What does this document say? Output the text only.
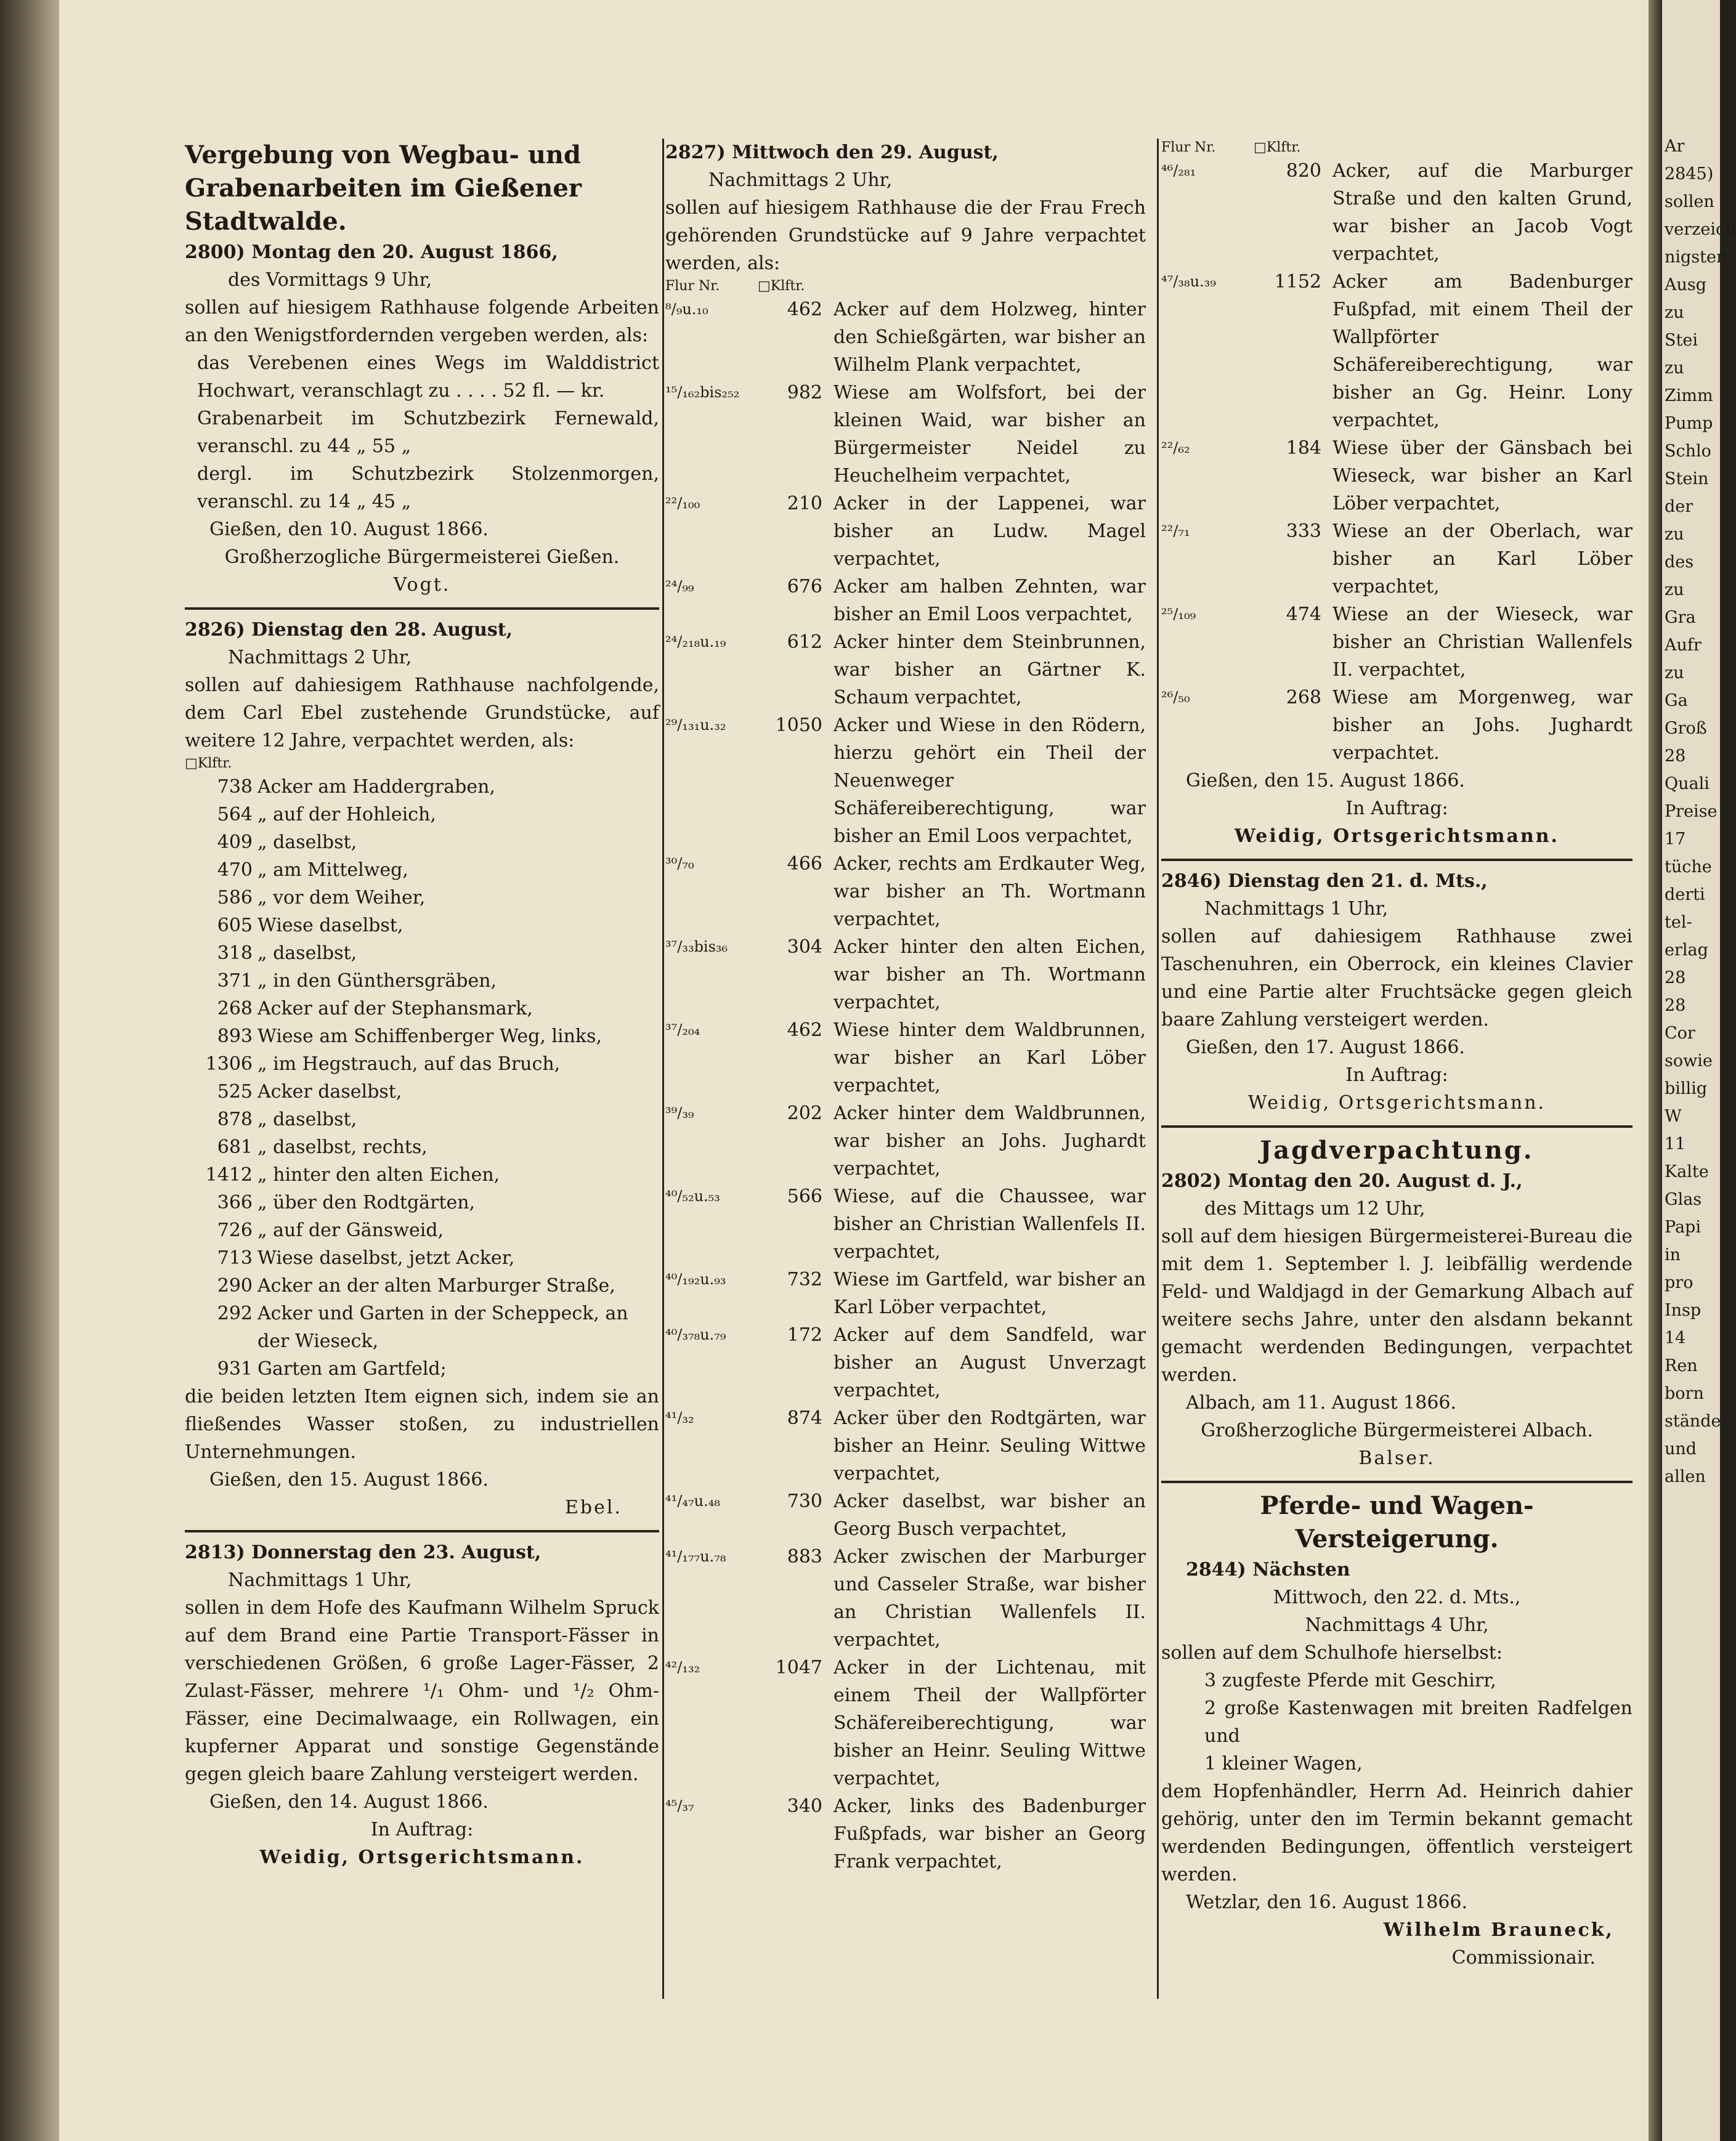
Ar
2845)
sollen
verzeich
nigsten
Ausg
zu
Stei
zu
Zimm
Pump
Schlo
Stein
der
zu
des
zu
Gra
Aufr
zu
Ga
Groß
28
Quali
Preise
17
tüche
derti
tel-
erlag
28
28
Cor
sowie
billig
W
11
Kalte
Glas
Papi
in
pro
Insp
14
Ren
born
stände
und
allen

Vergebung von Wegbau- und Grabenarbeiten im Gießener Stadtwalde.

2800) Montag den 20. August 1866,

des Vormittags 9 Uhr,

sollen auf hiesigem Rathhause folgende Arbeiten an den Wenigstfordernden vergeben werden, als:

das Verebenen eines Wegs im Walddistrict Hochwart, veranschlagt zu . . . . 52 fl. — kr.

Grabenarbeit im Schutzbezirk Fernewald, veranschl. zu 44 „ 55 „

dergl. im Schutzbezirk Stolzenmorgen, veranschl. zu 14 „ 45 „

Gießen, den 10. August 1866.

Großherzogliche Bürgermeisterei Gießen.

Vogt.

2826) Dienstag den 28. August,

Nachmittags 2 Uhr,

sollen auf dahiesigem Rathhause nachfolgende, dem Carl Ebel zustehende Grundstücke, auf weitere 12 Jahre, verpachtet werden, als:

□Klftr.	
738	Acker am Haddergraben,
564	„ auf der Hohleich,
409	„ daselbst,
470	„ am Mittelweg,
586	„ vor dem Weiher,
605	Wiese daselbst,
318	„ daselbst,
371	„ in den Günthersgräben,
268	Acker auf der Stephansmark,
893	Wiese am Schiffenberger Weg, links,
1306	„ im Hegstrauch, auf das Bruch,
525	Acker daselbst,
878	„ daselbst,
681	„ daselbst, rechts,
1412	„ hinter den alten Eichen,
366	„ über den Rodtgärten,
726	„ auf der Gänsweid,
713	Wiese daselbst, jetzt Acker,
290	Acker an der alten Marburger Straße,
292	Acker und Garten in der Scheppeck, an der Wieseck,
931	Garten am Gartfeld;

die beiden letzten Item eignen sich, indem sie an fließendes Wasser stoßen, zu industriellen Unternehmungen.

Gießen, den 15. August 1866.

Ebel.

2813) Donnerstag den 23. August,

Nachmittags 1 Uhr,

sollen in dem Hofe des Kaufmann Wilhelm Spruck auf dem Brand eine Partie Transport-Fässer in verschiedenen Größen, 6 große Lager-Fässer, 2 Zulast-Fässer, mehrere ¹/₁ Ohm- und ¹/₂ Ohm-Fässer, eine Decimalwaage, ein Rollwagen, ein kupferner Apparat und sonstige Gegenstände gegen gleich baare Zahlung versteigert werden.

Gießen, den 14. August 1866.

In Auftrag:

Weidig, Ortsgerichtsmann.

2827) Mittwoch den 29. August,

Nachmittags 2 Uhr,

sollen auf hiesigem Rathhause die der Frau Frech gehörenden Grundstücke auf 9 Jahre verpachtet werden, als:

Flur Nr.	□Klftr.	
⁸/₉u.₁₀	462	Acker auf dem Holzweg, hinter den Schießgärten, war bisher an Wilhelm Plank verpachtet,
¹⁵/₁₆₂bis₂₅₂	982	Wiese am Wolfsfort, bei der kleinen Waid, war bisher an Bürgermeister Neidel zu Heuchelheim verpachtet,
²²/₁₀₀	210	Acker in der Lappenei, war bisher an Ludw. Magel verpachtet,
²⁴/₉₉	676	Acker am halben Zehnten, war bisher an Emil Loos verpachtet,
²⁴/₂₁₈u.₁₉	612	Acker hinter dem Steinbrunnen, war bisher an Gärtner K. Schaum verpachtet,
²⁹/₁₃₁u.₃₂	1050	Acker und Wiese in den Rödern, hierzu gehört ein Theil der Neuenweger Schäfereiberechtigung, war bisher an Emil Loos verpachtet,
³⁰/₇₀	466	Acker, rechts am Erdkauter Weg, war bisher an Th. Wortmann verpachtet,
³⁷/₃₃bis₃₆	304	Acker hinter den alten Eichen, war bisher an Th. Wortmann verpachtet,
³⁷/₂₀₄	462	Wiese hinter dem Waldbrunnen, war bisher an Karl Löber verpachtet,
³⁹/₃₉	202	Acker hinter dem Waldbrunnen, war bisher an Johs. Jughardt verpachtet,
⁴⁰/₅₂u.₅₃	566	Wiese, auf die Chaussee, war bisher an Christian Wallenfels II. verpachtet,
⁴⁰/₁₉₂u.₉₃	732	Wiese im Gartfeld, war bisher an Karl Löber verpachtet,
⁴⁰/₃₇₈u.₇₉	172	Acker auf dem Sandfeld, war bisher an August Unverzagt verpachtet,
⁴¹/₃₂	874	Acker über den Rodtgärten, war bisher an Heinr. Seuling Wittwe verpachtet,
⁴¹/₄₇u.₄₈	730	Acker daselbst, war bisher an Georg Busch verpachtet,
⁴¹/₁₇₇u.₇₈	883	Acker zwischen der Marburger und Casseler Straße, war bisher an Christian Wallenfels II. verpachtet,
⁴²/₁₃₂	1047	Acker in der Lichtenau, mit einem Theil der Wallpförter Schäfereiberechtigung, war bisher an Heinr. Seuling Wittwe verpachtet,
⁴⁵/₃₇	340	Acker, links des Badenburger Fußpfads, war bisher an Georg Frank verpachtet,
Flur Nr.	□Klftr.	
⁴⁶/₂₈₁	820	Acker, auf die Marburger Straße und den kalten Grund, war bisher an Jacob Vogt verpachtet,
⁴⁷/₃₈u.₃₉	1152	Acker am Badenburger Fußpfad, mit einem Theil der Wallpförter Schäfereiberechtigung, war bisher an Gg. Heinr. Lony verpachtet,
²²/₆₂	184	Wiese über der Gänsbach bei Wieseck, war bisher an Karl Löber verpachtet,
²²/₇₁	333	Wiese an der Oberlach, war bisher an Karl Löber verpachtet,
²⁵/₁₀₉	474	Wiese an der Wieseck, war bisher an Christian Wallenfels II. verpachtet,
²⁶/₅₀	268	Wiese am Morgenweg, war bisher an Johs. Jughardt verpachtet.

Gießen, den 15. August 1866.

In Auftrag:

Weidig, Ortsgerichtsmann.

2846) Dienstag den 21. d. Mts.,

Nachmittags 1 Uhr,

sollen auf dahiesigem Rathhause zwei Taschenuhren, ein Oberrock, ein kleines Clavier und eine Partie alter Fruchtsäcke gegen gleich baare Zahlung versteigert werden.

Gießen, den 17. August 1866.

In Auftrag:

Weidig, Ortsgerichtsmann.

Jagdverpachtung.

2802) Montag den 20. August d. J.,

des Mittags um 12 Uhr,

soll auf dem hiesigen Bürgermeisterei-Bureau die mit dem 1. September l. J. leibfällig werdende Feld- und Waldjagd in der Gemarkung Albach auf weitere sechs Jahre, unter den alsdann bekannt gemacht werdenden Bedingungen, verpachtet werden.

Albach, am 11. August 1866.

Großherzogliche Bürgermeisterei Albach.

Balser.

Pferde- und Wagen-Versteigerung.

2844) Nächsten

Mittwoch, den 22. d. Mts.,

Nachmittags 4 Uhr,

sollen auf dem Schulhofe hierselbst:

3 zugfeste Pferde mit Geschirr,

2 große Kastenwagen mit breiten Radfelgen und

1 kleiner Wagen,

dem Hopfenhändler, Herrn Ad. Heinrich dahier gehörig, unter den im Termin bekannt gemacht werdenden Bedingungen, öffentlich versteigert werden.

Wetzlar, den 16. August 1866.

Wilhelm Brauneck,

Commissionair.
